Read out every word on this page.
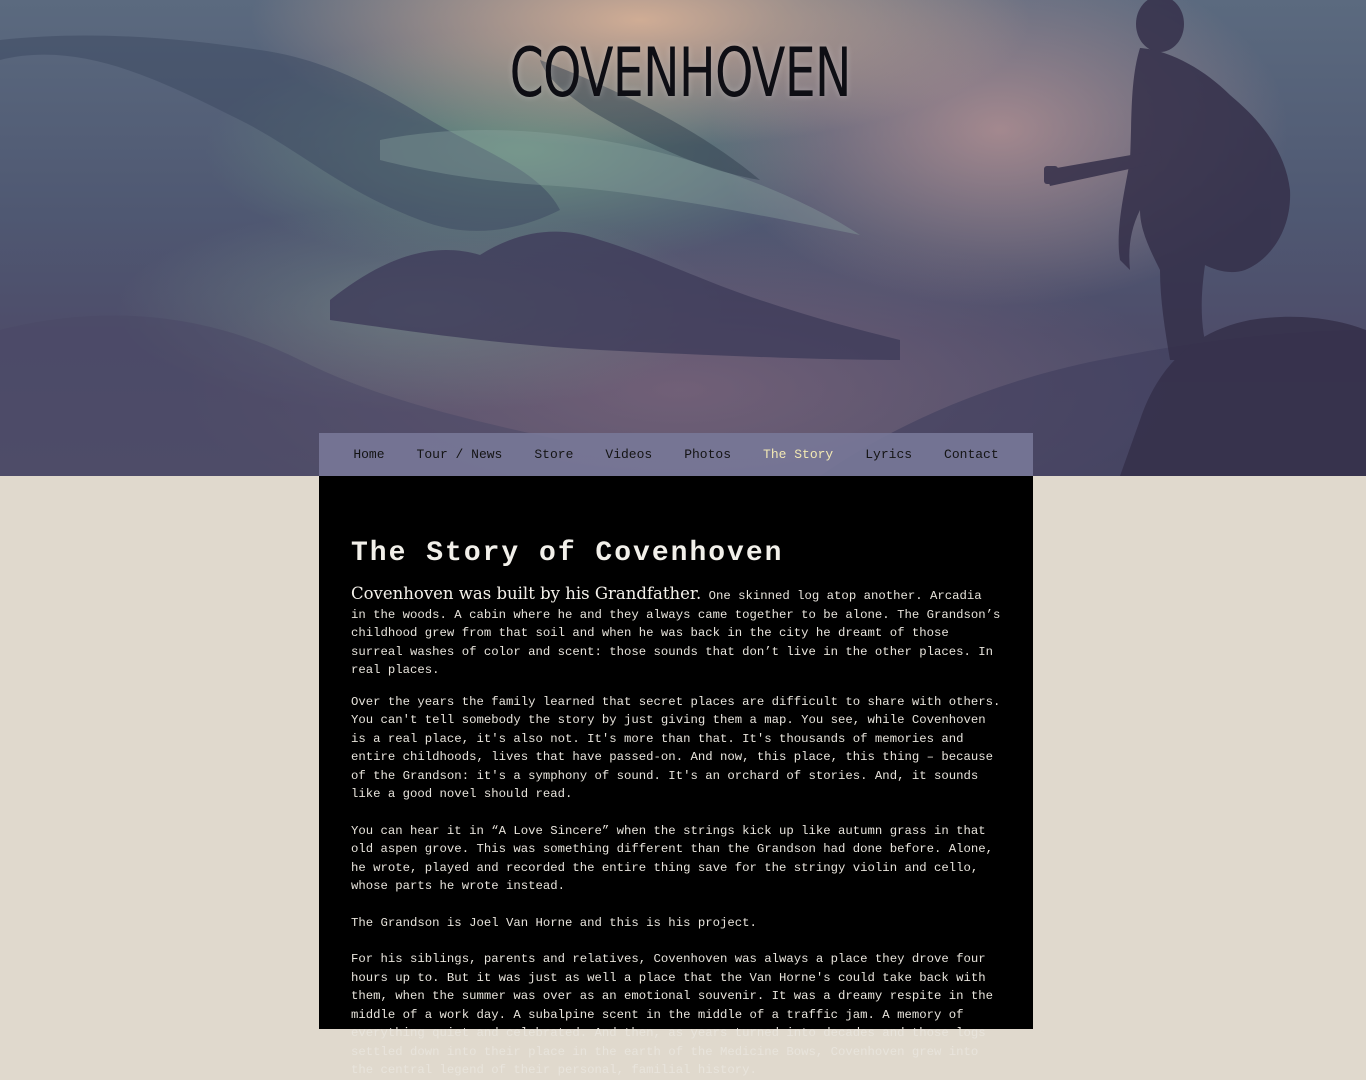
COVENHOVEN
Home	Tour / News	Store	Videos	Photos	The Story	Lyrics	Contact
The Story of Covenhoven

Covenhoven was built by his Grandfather. One skinned log atop another. Arcadia in the woods. A cabin where he and they always came together to be alone. The Grandson’s childhood grew from that soil and when he was back in the city he dreamt of those surreal washes of color and scent: those sounds that don’t live in the other places. In real places.

Over the years the family learned that secret places are difficult to share with others. You can't tell somebody the story by just giving them a map. You see, while Covenhoven is a real place, it's also not. It's more than that. It's thousands of memories and entire childhoods, lives that have passed-on. And now, this place, this thing – because of the Grandson: it's a symphony of sound. It's an orchard of stories. And, it sounds like a good novel should read.

You can hear it in “A Love Sincere” when the strings kick up like autumn grass in that old aspen grove. This was something different than the Grandson had done before. Alone, he wrote, played and recorded the entire thing save for the stringy violin and cello, whose parts he wrote instead.

The Grandson is Joel Van Horne and this is his project.

For his siblings, parents and relatives, Covenhoven was always a place they drove four hours up to. But it was just as well a place that the Van Horne's could take back with them, when the summer was over as an emotional souvenir. It was a dreamy respite in the middle of a work day. A subalpine scent in the middle of a traffic jam. A memory of everything quiet and celebrated. And then, as years turned into decades and those logs settled down into their place in the earth of the Medicine Bows, Covenhoven grew into the central legend of their personal, familial history.
